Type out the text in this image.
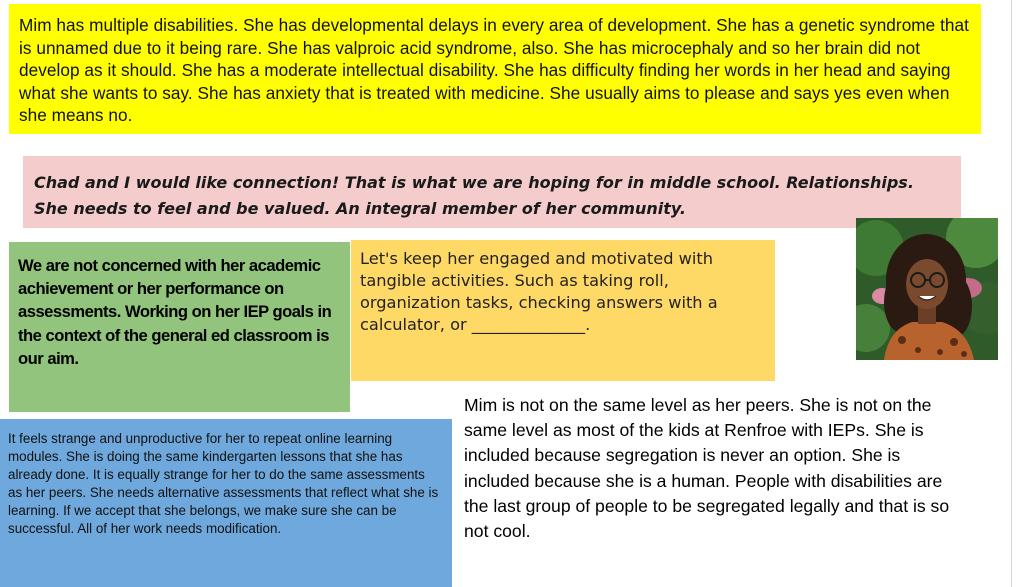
Mim has multiple disabilities. She has developmental delays in every area of development. She has a genetic syndrome that is unnamed due to it being rare. She has valproic acid syndrome, also. She has microcephaly and so her brain did not develop as it should. She has a moderate intellectual disability. She has difficulty finding her words in her head and saying what she wants to say. She has anxiety that is treated with medicine. She usually aims to please and says yes even when she means no.
Chad and I would like connection! That is what we are hoping for in middle school. Relationships. She needs to feel and be valued. An integral member of her community.
We are not concerned with her academic achievement or her performance on assessments. Working on her IEP goals in the context of the general ed classroom is our aim.
Let's keep her engaged and motivated with tangible activities. Such as taking roll, organization tasks, checking answers with a calculator, or ______________.
It feels strange and unproductive for her to repeat online learning modules. She is doing the same kindergarten lessons that she has already done. It is equally strange for her to do the same assessments as her peers. She needs alternative assessments that reflect what she is learning. If we accept that she belongs, we make sure she can be successful. All of her work needs modification.
Mim is not on the same level as her peers. She is not on the same level as most of the kids at Renfroe with IEPs. She is included because segregation is never an option. She is included because she is a human. People with disabilities are the last group of people to be segregated legally and that is so not cool.
